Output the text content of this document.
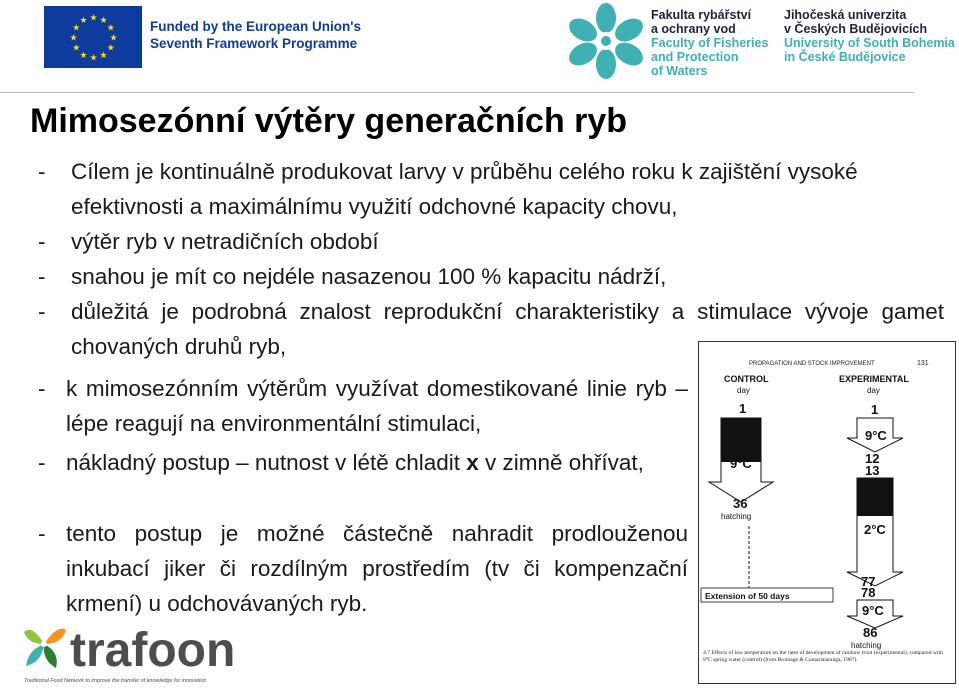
★ ★
★
★
★
★
★
★
★
★
★
★	Funded by the European Union's
Seventh Framework Programme
Fakulta rybářství
a ochrany vod
Faculty of Fisheries
and Protection
of Waters
Jihočeská univerzita
v Českých Budějovicích
University of South Bohemia
in České Budějovice
Mimosezónní výtěry generačních ryb
-	Cílem je kontinuálně produkovat larvy v průběhu celého roku k zajištění vysoké efektivnosti a maximálnímu využití odchovné kapacity chovu,
-	výtěr ryb v netradičních období
-	snahou je mít co nejdéle nasazenou 100 % kapacitu nádrží,
-	důležitá je podrobná znalost reprodukční charakteristiky a stimulace vývoje gamet chovaných druhů ryb,
- k mimosezónním výtěrům využívat domestikované linie ryb – lépe reagují na environmentální stimulaci,
- nákladný postup – nutnost v létě chladit x v zimně ohřívat,
- tento postup je možné částečně nahradit prodlouženou inkubací jiker či rozdílným prostředím (tv či kompenzační krmení) u odchovávaných ryb.
PROPAGATION AND STOCK IMPROVEMENT	131
CONTROL
day
1
9°C
36
hatching
EXPERIMENTAL
day
1
9°C
12
13
2°C
77
78
9°C
86
hatching
Extension of 50 days
4.7 Effects of low temperature on the rates of development of rainbow trout (experimental), compared with 9°C spring water (control) (from Bromage & Cumaranatunga, 1987).
trafoon
Traditional Food Network to improve the transfer of knowledge for innovation
